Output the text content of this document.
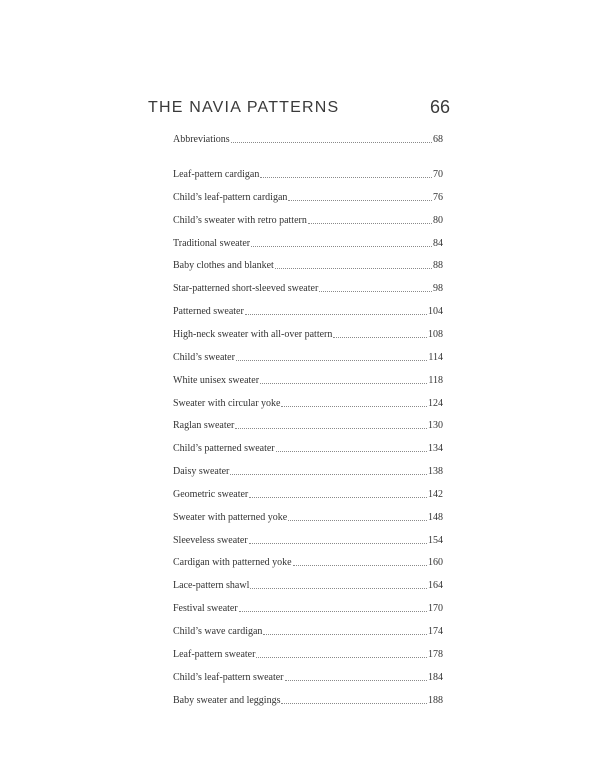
THE NAVIA PATTERNS	66
Abbreviations	68
Leaf-pattern cardigan	70
Child’s leaf-pattern cardigan	76
Child’s sweater with retro pattern	80
Traditional sweater	84
Baby clothes and blanket	88
Star-patterned short-sleeved sweater	98
Patterned sweater	104
High-neck sweater with all-over pattern	108
Child’s sweater	114
White unisex sweater	118
Sweater with circular yoke	124
Raglan sweater	130
Child’s patterned sweater	134
Daisy sweater	138
Geometric sweater	142
Sweater with patterned yoke	148
Sleeveless sweater	154
Cardigan with patterned yoke	160
Lace-pattern shawl	164
Festival sweater	170
Child’s wave cardigan	174
Leaf-pattern sweater	178
Child’s leaf-pattern sweater	184
Baby sweater and leggings	188
